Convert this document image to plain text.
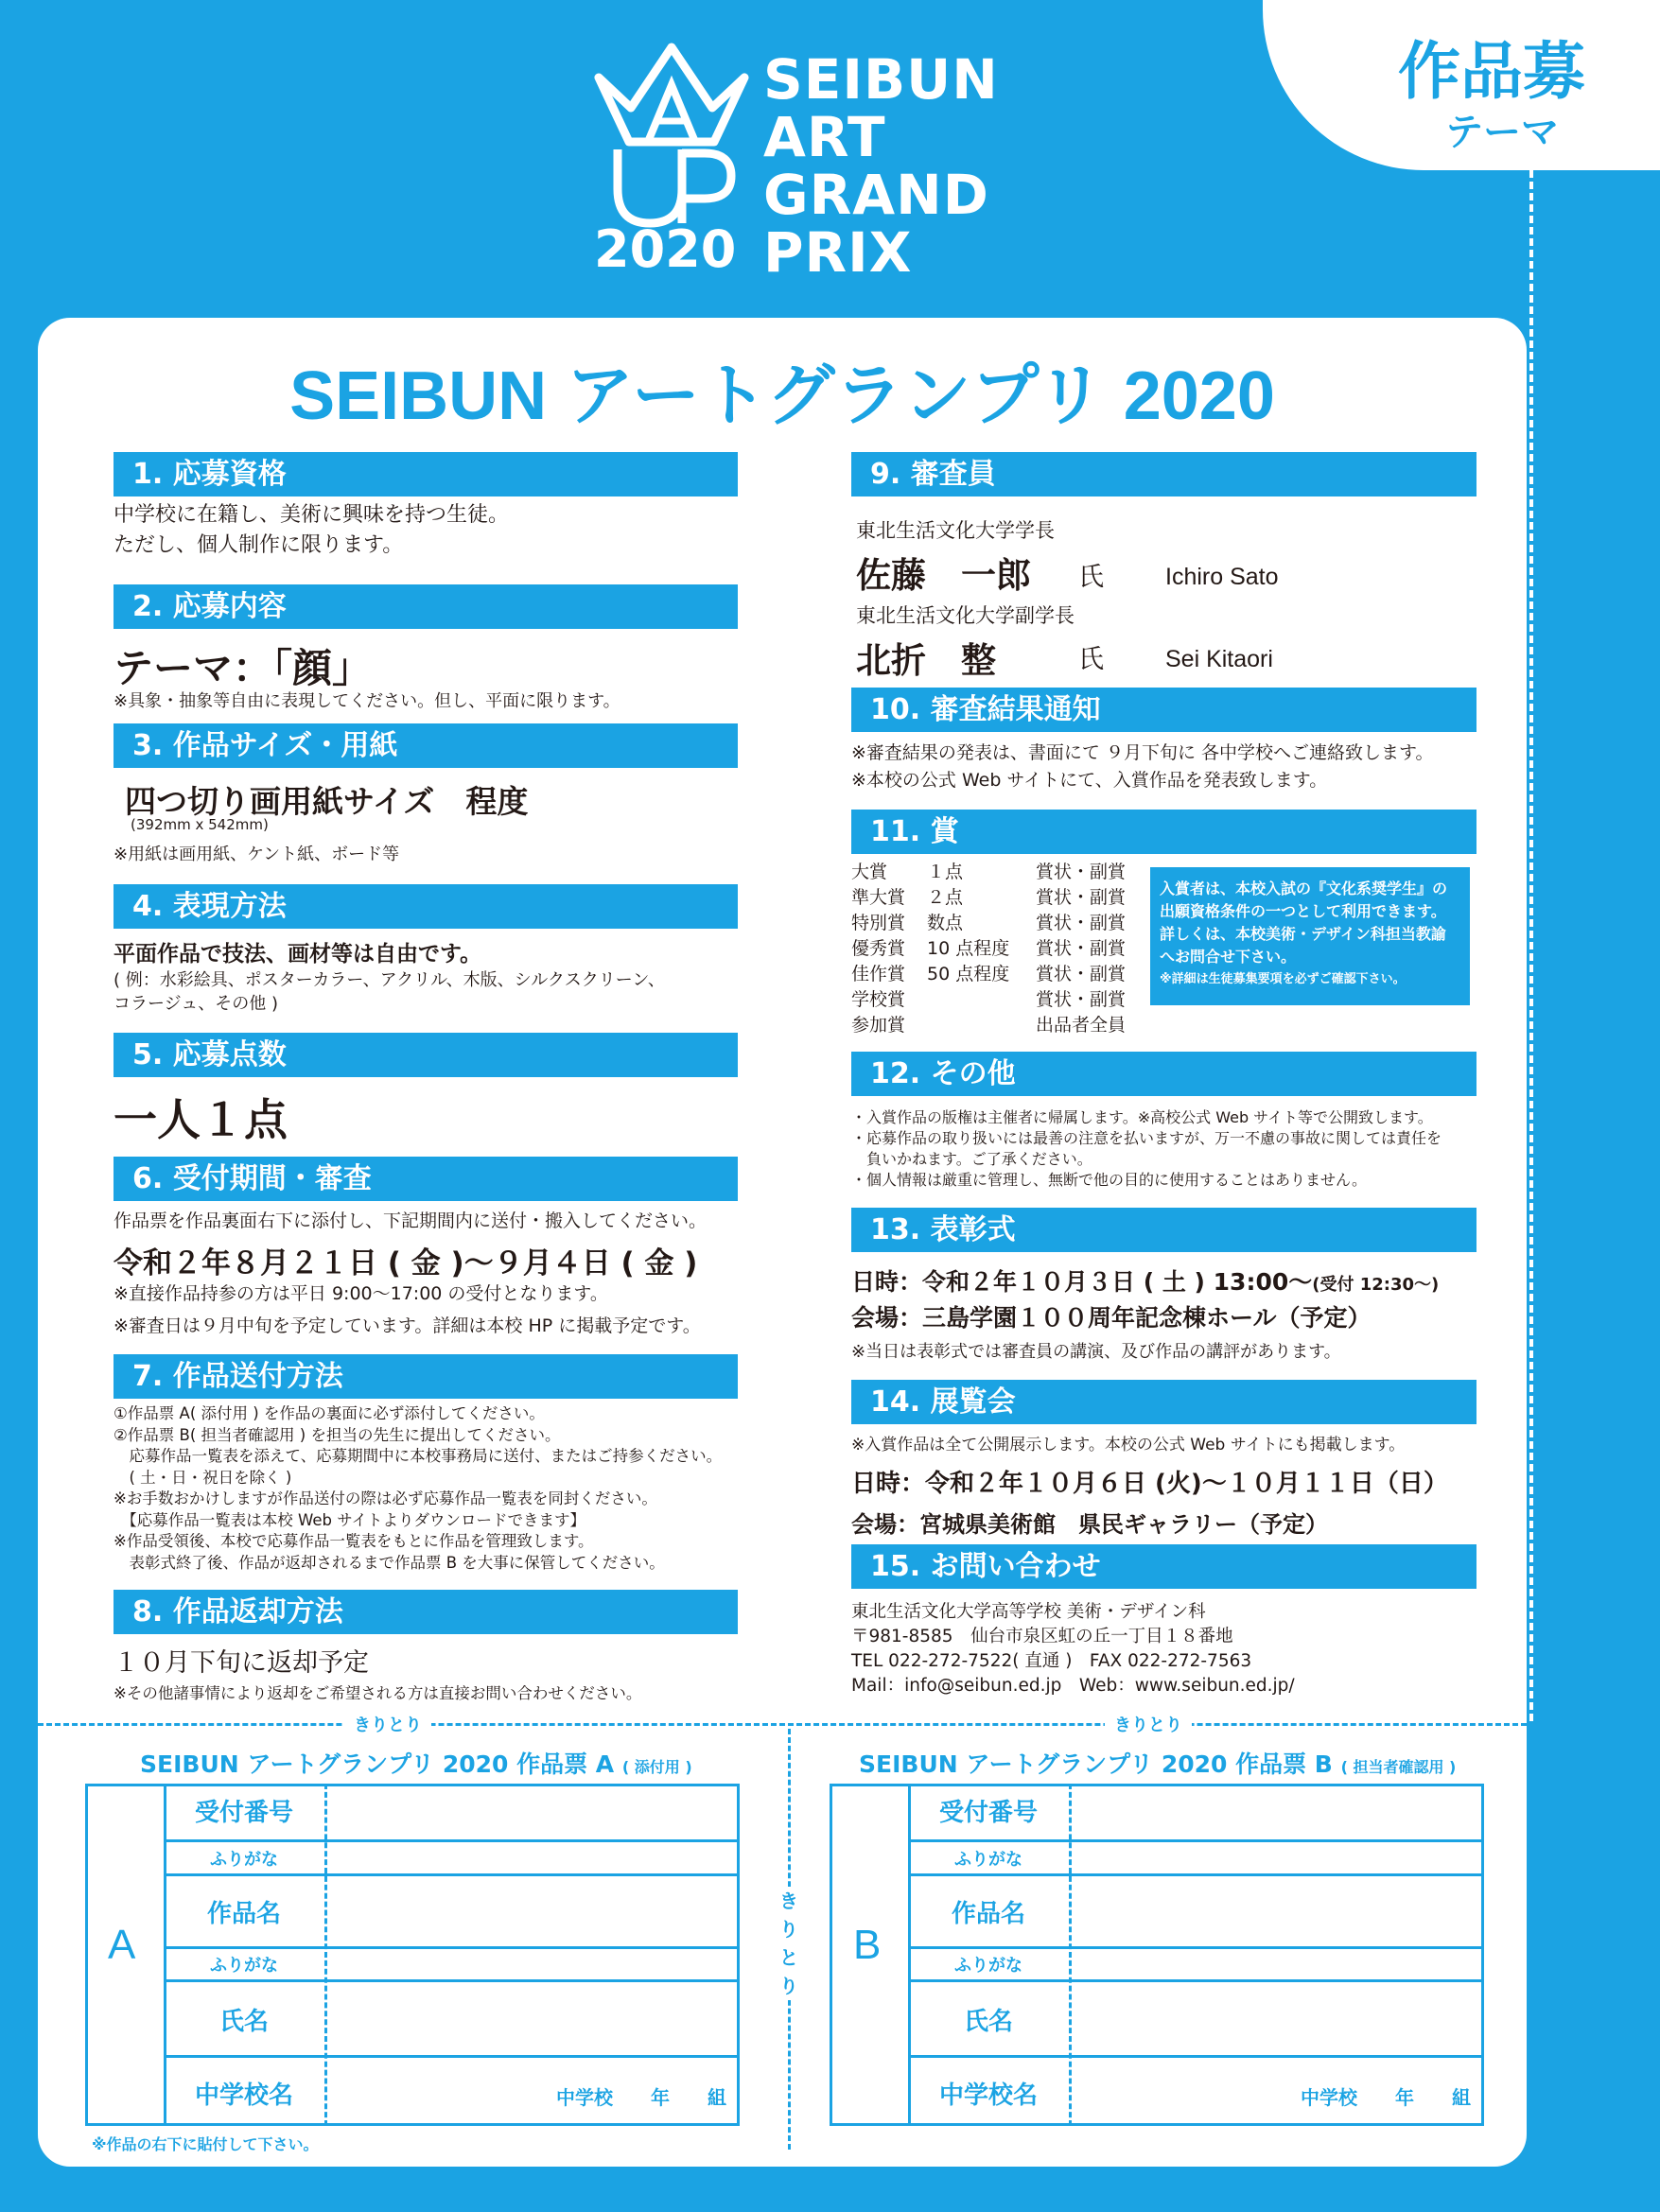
作品募
テーマ
2020
SEIBUN
ART
GRAND
PRIX
SEIBUN アートグランプリ 2020
1. 応募資格
中学校に在籍し、美術に興味を持つ生徒。
ただし、個人制作に限ります。
2. 応募内容
テーマ：「顔」
※具象・抽象等自由に表現してください。但し、平面に限ります。
3. 作品サイズ・用紙
四つ切り画用紙サイズ　程度
(392mm x 542mm)
※用紙は画用紙、ケント紙、ボード等
4. 表現方法
平面作品で技法、画材等は自由です。
( 例：水彩絵具、ポスターカラー、アクリル、木版、シルクスクリーン、
コラージュ、その他 )
5. 応募点数
一人１点
6. 受付期間・審査
作品票を作品裏面右下に添付し、下記期間内に送付・搬入してください。
令和２年８月２１日 ( 金 )〜９月４日 ( 金 )
※直接作品持参の方は平日 9:00〜17:00 の受付となります。
※審査日は９月中旬を予定しています。詳細は本校 HP に掲載予定です。
7. 作品送付方法
①作品票 A( 添付用 ) を作品の裏面に必ず添付してください。
②作品票 B( 担当者確認用 ) を担当の先生に提出してください。
　応募作品一覧表を添えて、応募期間中に本校事務局に送付、またはご持参ください。
　( 土・日・祝日を除く )
※お手数おかけしますが作品送付の際は必ず応募作品一覧表を同封ください。
　【応募作品一覧表は本校 Web サイトよりダウンロードできます】
※作品受領後、本校で応募作品一覧表をもとに作品を管理致します。
　表彰式終了後、作品が返却されるまで作品票 B を大事に保管してください。
8. 作品返却方法
１０月下旬に返却予定
※その他諸事情により返却をご希望される方は直接お問い合わせください。
9. 審査員
東北生活文化大学学長
佐藤　一郎 氏	Ichiro Sato
東北生活文化大学副学長
北折　整	氏	Sei Kitaori
10. 審査結果通知
※審査結果の発表は、書面にて ９月下旬に 各中学校へご連絡致します。
※本校の公式 Web サイトにて、入賞作品を発表致します。
11. 賞
大賞 １点	賞状・副賞
準大賞 ２点	賞状・副賞
特別賞 数点	賞状・副賞
優秀賞 10 点程度 賞状・副賞
佳作賞 50 点程度 賞状・副賞
学校賞	賞状・副賞
参加賞	出品者全員
入賞者は、本校入試の『文化系奨学生』の
出願資格条件の一つとして利用できます。
詳しくは、本校美術・デザイン科担当教諭
へお問合せ下さい。
※詳細は生徒募集要項を必ずご確認下さい。
12. その他
・入賞作品の版権は主催者に帰属します。※高校公式 Web サイト等で公開致します。
・応募作品の取り扱いには最善の注意を払いますが、万一不慮の事故に関しては責任を
　負いかねます。ご了承ください。
・個人情報は厳重に管理し、無断で他の目的に使用することはありません。
13. 表彰式
日時：令和２年１０月３日 ( 土 ) 13:00〜(受付 12:30〜)
会場：三島学園１００周年記念棟ホール（予定）
※当日は表彰式では審査員の講演、及び作品の講評があります。
14. 展覧会
※入賞作品は全て公開展示します。本校の公式 Web サイトにも掲載します。
日時：令和２年１０月６日 (火)〜１０月１１日（日）
会場：宮城県美術館　県民ギャラリー（予定）
15. お問い合わせ
東北生活文化大学高等学校 美術・デザイン科
〒981-8585　仙台市泉区虹の丘一丁目１８番地
TEL 022-272-7522( 直通 )　FAX 022-272-7563
Mail：info@seibun.ed.jp　Web：www.seibun.ed.jp/
きりとり	きりとり
き
り
と
り
SEIBUN アートグランプリ 2020 作品票 A ( 添付用 )
A
受付番号
ふりがな
作品名
ふりがな
氏名
中学校名	中学校　　年　　組
※作品の右下に貼付して下さい。
SEIBUN アートグランプリ 2020 作品票 B ( 担当者確認用 )
B
受付番号
ふりがな
作品名
ふりがな
氏名
中学校名	中学校　　年　　組
